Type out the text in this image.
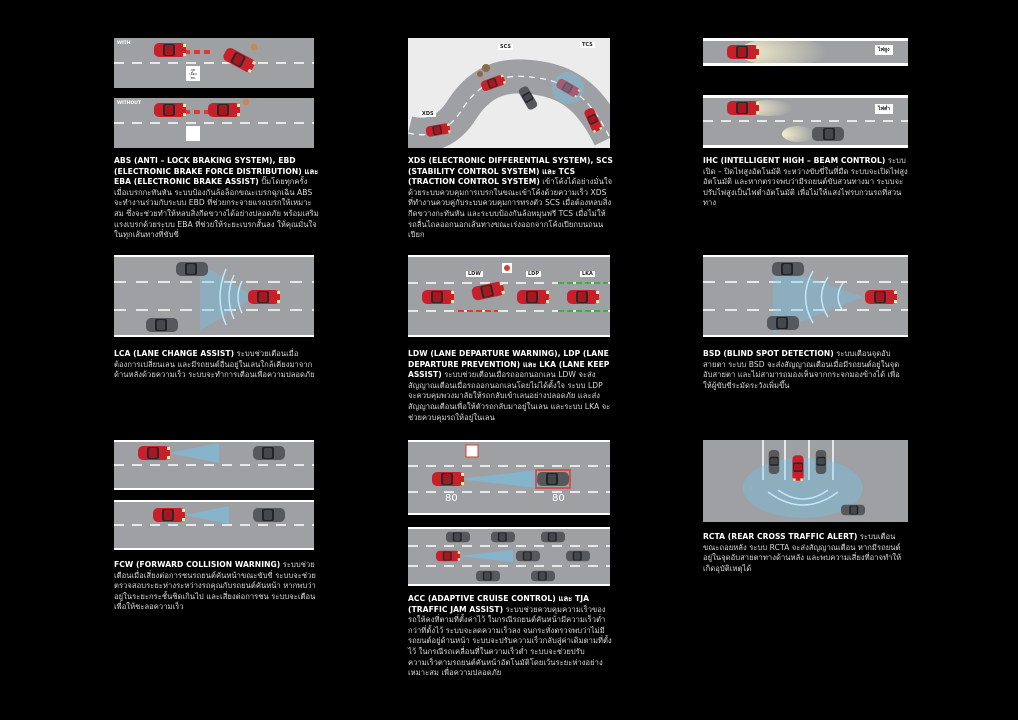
WITH
WITHOUT
จุด เลี่ยง ชน

ABS (ANTI – LOCK BRAKING SYSTEM), EBD (ELECTRONIC BRAKE FORCE DISTRIBUTION) และ EBA (ELECTRONIC BRAKE ASSIST) ปั๊มโดยทุกครั้งเมื่อเบรกกะทันหัน ระบบป้องกันล้อล็อกขณะเบรกฉุกเฉิน ABS จะทำงานร่วมกับระบบ EBD ที่ช่วยกระจายแรงเบรกให้เหมาะสม ซึ่งจะช่วยทำให้หลบสิ่งกีดขวางได้อย่างปลอดภัย พร้อมเสริมแรงเบรกด้วยระบบ EBA ที่ช่วยให้ระยะเบรกสั้นลง ให้คุณมั่นใจในทุกเส้นทางที่ขับขี่

SCS	TCS
XDS

XDS (ELECTRONIC DIFFERENTIAL SYSTEM), SCS (STABILITY CONTROL SYSTEM) และ TCS (TRACTION CONTROL SYSTEM) เข้าโค้งได้อย่างมั่นใจด้วยระบบควบคุมการเบรกในขณะเข้าโค้งด้วยความเร็ว XDS ที่ทำงานควบคู่กับระบบควบคุมการทรงตัว SCS เมื่อต้องหลบสิ่งกีดขวางกะทันหัน และระบบป้องกันล้อหมุนฟรี TCS เมื่อไม่ให้รถลื่นไถลออกนอกเส้นทางขณะเร่งออกจากโค้งเปียกบนถนนเปียก

ไฟสูง
ไฟต่ำ

IHC (INTELLIGENT HIGH – BEAM CONTROL) ระบบเปิด – ปิดไฟสูงอัตโนมัติ ระหว่างขับขี่ในที่มืด ระบบจะเปิดไฟสูงอัตโนมัติ และหากตรวจพบว่ามีรถยนต์ขับสวนทางมา ระบบจะปรับไฟสูงเป็นไฟต่ำอัตโนมัติ เพื่อไม่ให้แสงไฟรบกวนรถที่สวนทาง

LCA (LANE CHANGE ASSIST) ระบบช่วยเตือนเมื่อต้องการเปลี่ยนเลน และมีรถยนต์อื่นอยู่ในเลนใกล้เคียงมาจากด้านหลังด้วยความเร็ว ระบบจะทำการเตือนเพื่อความปลอดภัย

LDW	LDP	LKA

LDW (LANE DEPARTURE WARNING), LDP (LANE DEPARTURE PREVENTION) และ LKA (LANE KEEP ASSIST) ระบบช่วยเตือนเมื่อรถออกนอกเลน LDW จะส่งสัญญาณเตือนเมื่อรถออกนอกเลนโดยไม่ได้ตั้งใจ ระบบ LDP จะควบคุมพวงมาลัยให้รถกลับเข้าเลนอย่างปลอดภัย และส่งสัญญาณเตือนเพื่อให้ตัวรถกลับมาอยู่ในเลน และระบบ LKA จะช่วยควบคุมรถให้อยู่ในเลน

BSD (BLIND SPOT DETECTION) ระบบเตือนจุดอับสายตา ระบบ BSD จะส่งสัญญาณเตือนเมื่อมีรถยนต์อยู่ในจุดอับสายตา และไม่สามารถมองเห็นจากกระจกมองข้างได้ เพื่อให้ผู้ขับขี่ระมัดระวังเพิ่มขึ้น

FCW (FORWARD COLLISION WARNING) ระบบช่วยเตือนเมื่อเสี่ยงต่อการชนรถยนต์คันหน้าขณะขับขี่ ระบบจะช่วยตรวจสอบระยะห่างระหว่างรถคุณกับรถยนต์คันหน้า หากพบว่าอยู่ในระยะกระชั้นชิดเกินไป และเสี่ยงต่อการชน ระบบจะเตือนเพื่อให้ชะลอความเร็ว

80	80

ACC (ADAPTIVE CRUISE CONTROL) และ TJA (TRAFFIC JAM ASSIST) ระบบช่วยควบคุมความเร็วของรถให้คงที่ตามที่ตั้งค่าไว้ ในกรณีรถยนต์คันหน้ามีความเร็วต่ำกว่าที่ตั้งไว้ ระบบจะลดความเร็วลง จนกระทั่งตรวจพบว่าไม่มีรถยนต์อยู่ด้านหน้า ระบบจะปรับความเร็วกลับสู่ค่าเดิมตามที่ตั้งไว้ ในกรณีรถเคลื่อนที่ในความเร็วต่ำ ระบบจะช่วยปรับความเร็วตามรถยนต์คันหน้าอัตโนมัติโดยเว้นระยะห่างอย่างเหมาะสม เพื่อความปลอดภัย

RCTA (REAR CROSS TRAFFIC ALERT) ระบบเตือนขณะถอยหลัง ระบบ RCTA จะส่งสัญญาณเตือน หากมีรถยนต์อยู่ในจุดอับสายตาทางด้านหลัง และพบความเสี่ยงที่อาจทำให้เกิดอุบัติเหตุได้
